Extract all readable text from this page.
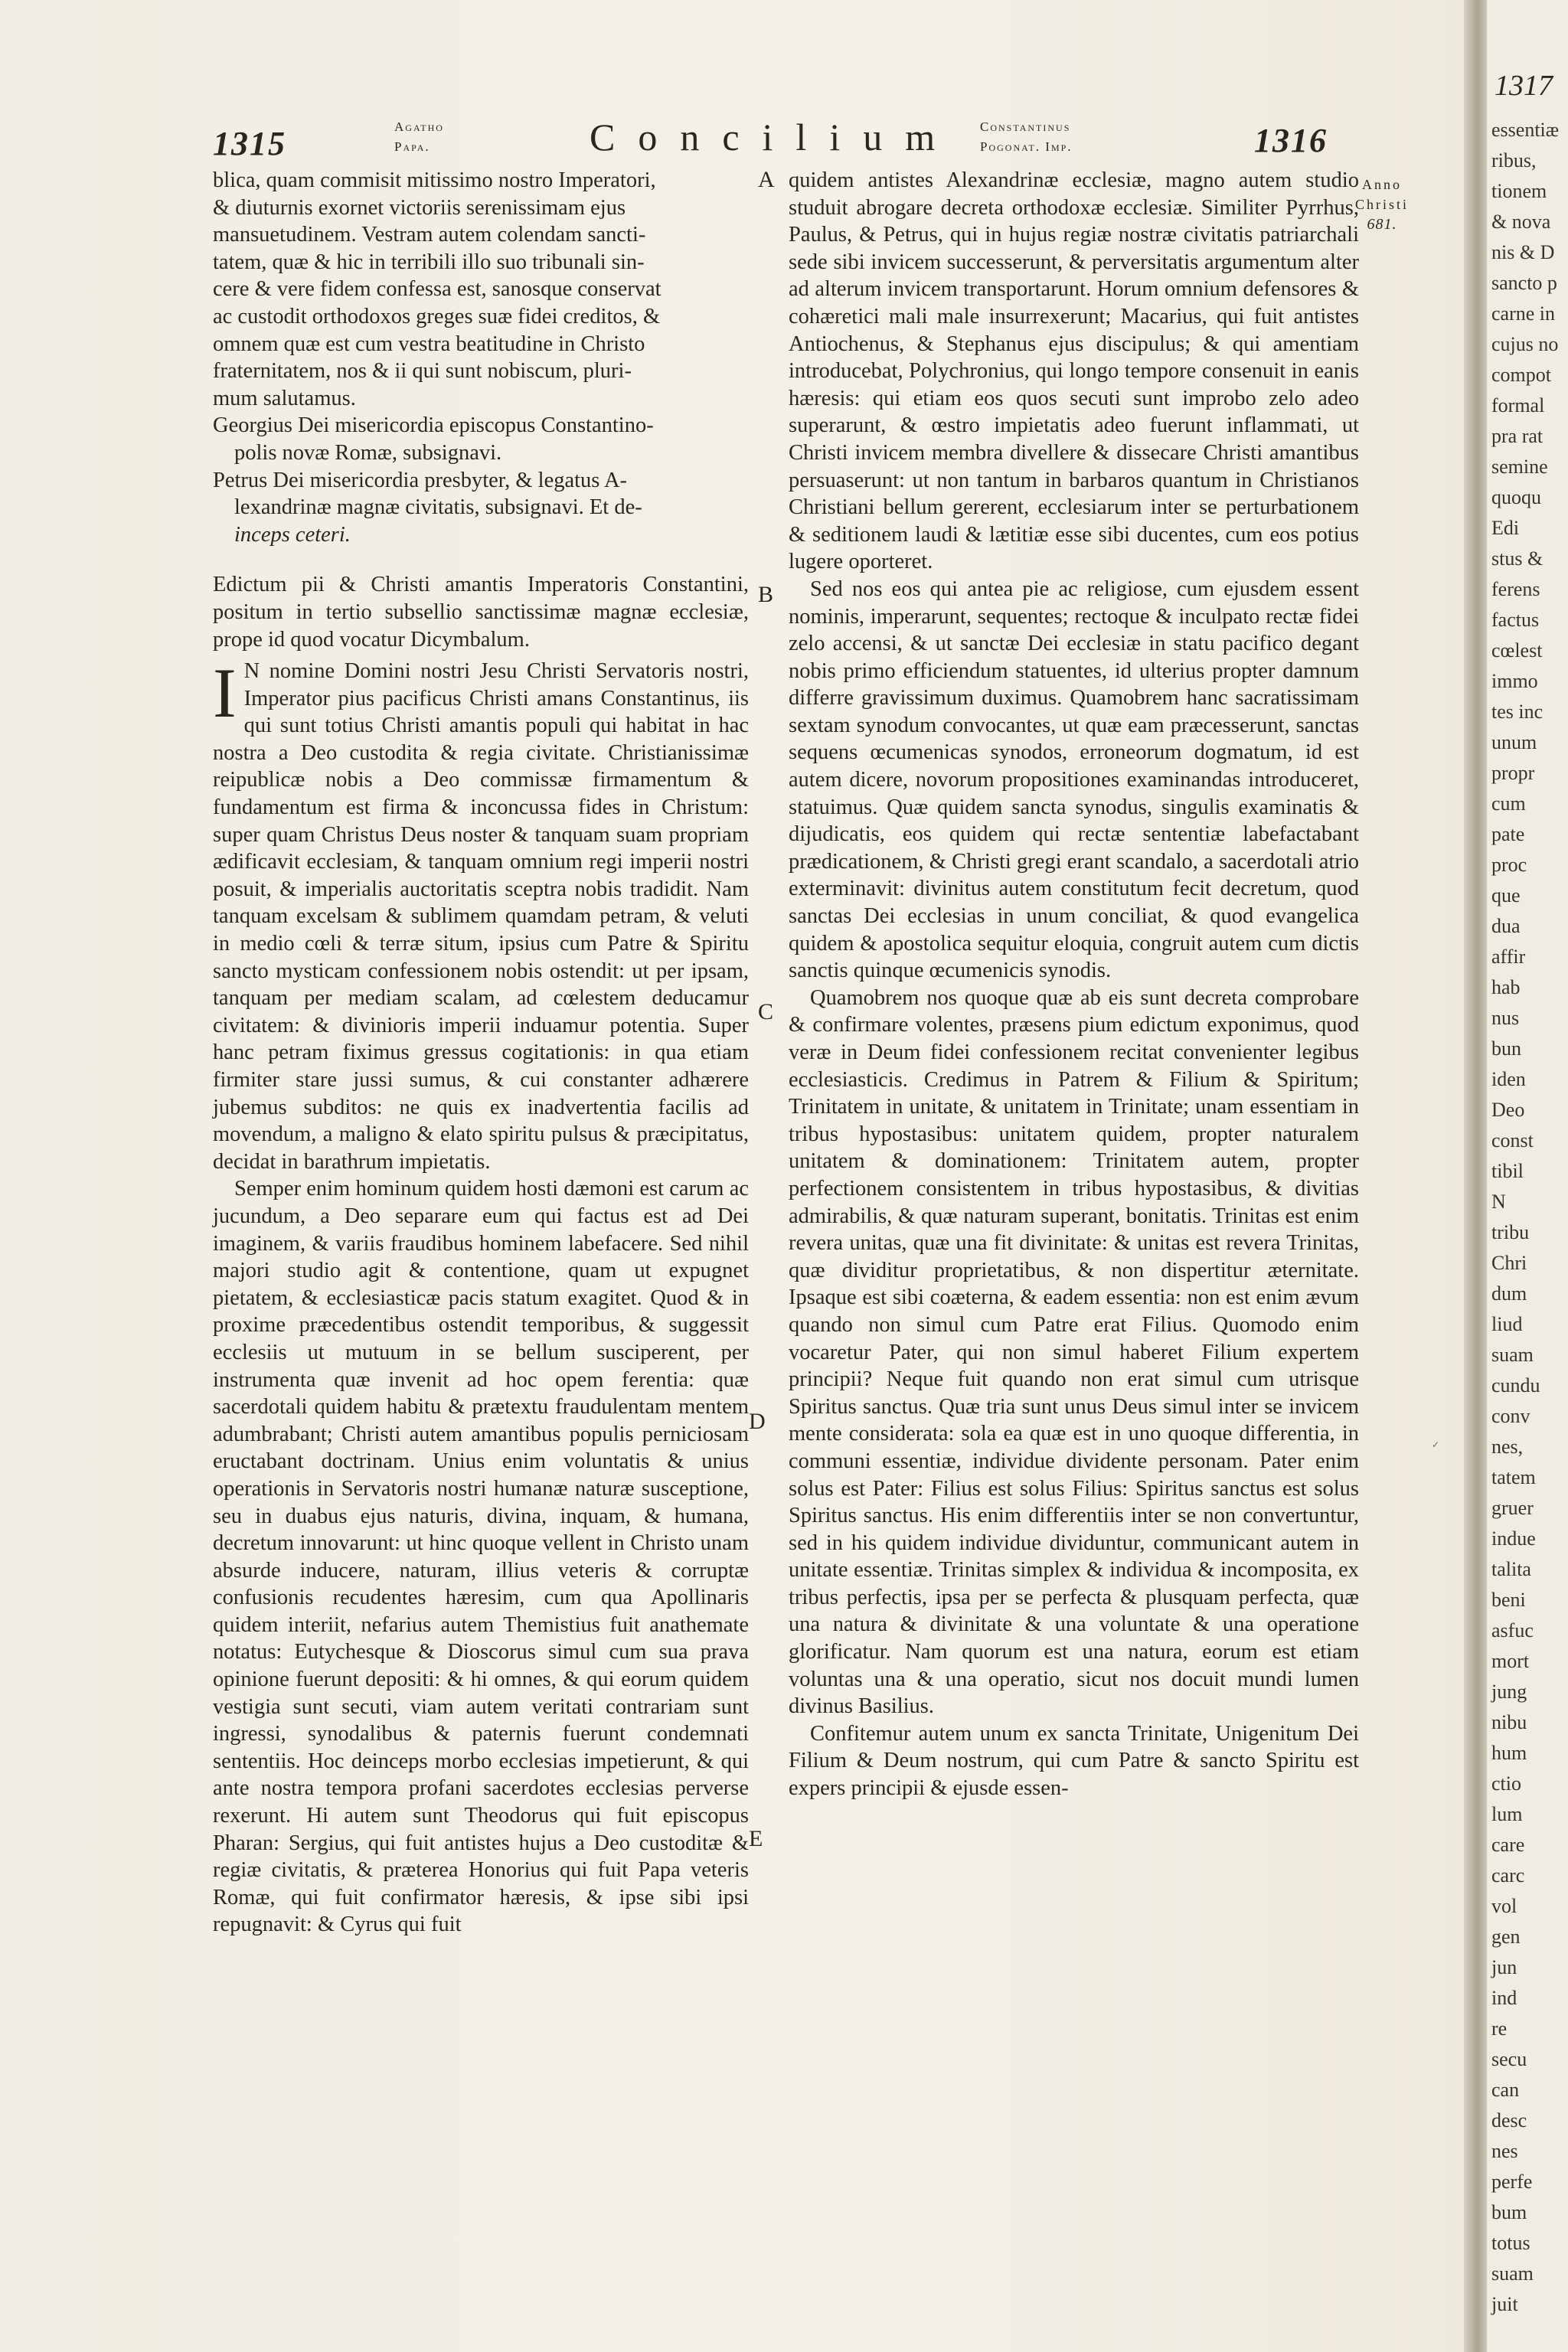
1315	Agatho
Papa.	Concilium Constantinus
Pogonat. Imp.	1316
Anno
Christi
681.
A
B
C
D
E

blica, quam commisit mitissimo nostro Imperatori,

& diuturnis exornet victoriis serenissimam ejus

mansuetudinem. Vestram autem colendam sancti-

tatem, quæ & hic in terribili illo suo tribunali sin-

cere & vere fidem confessa est, sanosque conservat

ac custodit orthodoxos greges suæ fidei creditos, &

omnem quæ est cum vestra beatitudine in Christo

fraternitatem, nos & ii qui sunt nobiscum, pluri-

mum salutamus.

Georgius Dei misericordia episcopus Constantino-

polis novæ Romæ, subsignavi.

Petrus Dei misericordia presbyter, & legatus A-

lexandrinæ magnæ civitatis, subsignavi. Et de-

inceps ceteri.

Edictum pii & Christi amantis Imperatoris Constantini, positum in tertio subsellio sanctissimæ magnæ ecclesiæ, prope id quod vocatur Dicymbalum.

I N nomine Domini nostri Jesu Christi Servatoris nostri, Imperator pius pacificus Christi amans Constantinus, iis qui sunt totius Christi amantis populi qui habitat in hac nostra a Deo custodita & regia civitate. Christianissimæ reipublicæ nobis a Deo commissæ firmamentum & fundamentum est firma & inconcussa fides in Christum: super quam Christus Deus noster & tanquam suam propriam ædificavit ecclesiam, & tanquam omnium regi imperii nostri posuit, & imperialis auctoritatis sceptra nobis tradidit. Nam tanquam excelsam & sublimem quamdam petram, & veluti in medio cœli & terræ situm, ipsius cum Patre & Spiritu sancto mysticam confessionem nobis ostendit: ut per ipsam, tanquam per mediam scalam, ad cœlestem deducamur civitatem: & divinioris imperii induamur potentia. Super hanc petram fiximus gressus cogitationis: in qua etiam firmiter stare jussi sumus, & cui constanter adhærere jubemus subditos: ne quis ex inadvertentia facilis ad movendum, a maligno & elato spiritu pulsus & præcipitatus, decidat in barathrum impietatis.

Semper enim hominum quidem hosti dæmoni est carum ac jucundum, a Deo separare eum qui factus est ad Dei imaginem, & variis fraudibus hominem labefacere. Sed nihil majori studio agit & contentione, quam ut expugnet pietatem, & ecclesiasticæ pacis statum exagitet. Quod & in proxime præcedentibus ostendit temporibus, & suggessit ecclesiis ut mutuum in se bellum susciperent, per instrumenta quæ invenit ad hoc opem ferentia: quæ sacerdotali quidem habitu & prætextu fraudulentam mentem adumbrabant; Christi autem amantibus populis perniciosam eructabant doctrinam. Unius enim voluntatis & unius operationis in Servatoris nostri humanæ naturæ susceptione, seu in duabus ejus naturis, divina, inquam, & humana, decretum innovarunt: ut hinc quoque vellent in Christo unam absurde inducere, naturam, illius veteris & corruptæ confusionis recudentes hæresim, cum qua Apollinaris quidem interiit, nefarius autem Themistius fuit anathemate notatus: Eutychesque & Dioscorus simul cum sua prava opinione fuerunt depositi: & hi omnes, & qui eorum quidem vestigia sunt secuti, viam autem veritati contrariam sunt ingressi, synodalibus & paternis fuerunt condemnati sententiis. Hoc deinceps morbo ecclesias impetierunt, & qui ante nostra tempora profani sacerdotes ecclesias perverse rexerunt. Hi autem sunt Theodorus qui fuit episcopus Pharan: Sergius, qui fuit antistes hujus a Deo custoditæ & regiæ civitatis, & præterea Honorius qui fuit Papa veteris Romæ, qui fuit confirmator hæresis, & ipse sibi ipsi repugnavit: & Cyrus qui fuit

quidem antistes Alexandrinæ ecclesiæ, magno autem studio studuit abrogare decreta orthodoxæ ecclesiæ. Similiter Pyrrhus, Paulus, & Petrus, qui in hujus regiæ nostræ civitatis patriarchali sede sibi invicem successerunt, & perversitatis argumentum alter ad alterum invicem transportarunt. Horum omnium defensores & cohæretici mali male insurrexerunt; Macarius, qui fuit antistes Antiochenus, & Stephanus ejus discipulus; & qui amentiam introducebat, Polychronius, qui longo tempore consenuit in eanis hæresis: qui etiam eos quos secuti sunt improbo zelo adeo superarunt, & œstro impietatis adeo fuerunt inflammati, ut Christi invicem membra divellere & dissecare Christi amantibus persuaserunt: ut non tantum in barbaros quantum in Christianos Christiani bellum gererent, ecclesiarum inter se perturbationem & seditionem laudi & lætitiæ esse sibi ducentes, cum eos potius lugere oporteret.

Sed nos eos qui antea pie ac religiose, cum ejusdem essent nominis, imperarunt, sequentes; rectoque & inculpato rectæ fidei zelo accensi, & ut sanctæ Dei ecclesiæ in statu pacifico degant nobis primo efficiendum statuentes, id ulterius propter damnum differre gravissimum duximus. Quamobrem hanc sacratissimam sextam synodum convocantes, ut quæ eam præcesserunt, sanctas sequens œcumenicas synodos, erroneorum dogmatum, id est autem dicere, novorum propositiones examinandas introduceret, statuimus. Quæ quidem sancta synodus, singulis examinatis & dijudicatis, eos quidem qui rectæ sententiæ labefactabant prædicationem, & Christi gregi erant scandalo, a sacerdotali atrio exterminavit: divinitus autem constitutum fecit decretum, quod sanctas Dei ecclesias in unum conciliat, & quod evangelica quidem & apostolica sequitur eloquia, congruit autem cum dictis sanctis quinque œcumenicis synodis.

Quamobrem nos quoque quæ ab eis sunt decreta comprobare & confirmare volentes, præsens pium edictum exponimus, quod veræ in Deum fidei confessionem recitat convenienter legibus ecclesiasticis. Credimus in Patrem & Filium & Spiritum; Trinitatem in unitate, & unitatem in Trinitate; unam essentiam in tribus hypostasibus: unitatem quidem, propter naturalem unitatem & dominationem: Trinitatem autem, propter perfectionem consistentem in tribus hypostasibus, & divitias admirabilis, & quæ naturam superant, bonitatis. Trinitas est enim revera unitas, quæ una fit divinitate: & unitas est revera Trinitas, quæ dividitur proprietatibus, & non dispertitur æternitate. Ipsaque est sibi coæterna, & eadem essentia: non est enim ævum quando non simul cum Patre erat Filius. Quomodo enim vocaretur Pater, qui non simul haberet Filium expertem principii? Neque fuit quando non erat simul cum utrisque Spiritus sanctus. Quæ tria sunt unus Deus simul inter se invicem mente considerata: sola ea quæ est in uno quoque differentia, in communi essentiæ, individue dividente personam. Pater enim solus est Pater: Filius est solus Filius: Spiritus sanctus est solus Spiritus sanctus. His enim differentiis inter se non convertuntur, sed in his quidem individue dividuntur, communicant autem in unitate essentiæ. Trinitas simplex & individua & incomposita, ex tribus perfectis, ipsa per se perfecta & plusquam perfecta, quæ una natura & divinitate & una voluntate & una operatione glorificatur. Nam quorum est una natura, eorum est etiam voluntas una & una operatio, sicut nos docuit mundi lumen divinus Basilius.

Confitemur autem unum ex sancta Trinitate, Unigenitum Dei Filium & Deum nostrum, qui cum Patre & sancto Spiritu est expers principii & ejusde essen-

✓
1317
essentiæ
ribus,
tionem
& nova
nis & D
sancto p
carne in
cujus no
compot
formal
pra rat
semine
quoqu
Edi
stus &
ferens
factus
cœlest
immo
tes inc
unum
propr
cum
pate
proc
que
dua
affir
hab
nus
bun
iden
Deo
const
tibil
N
tribu
Chri
dum
liud
suam
cundu
conv
nes,
tatem
gruer
indue
talita
beni
asfuc
mort
jung
nibu
hum
ctio
lum
care
carc
vol
gen
jun
ind
re
secu
can
desc
nes
perfe
bum
totus
suam
juit
